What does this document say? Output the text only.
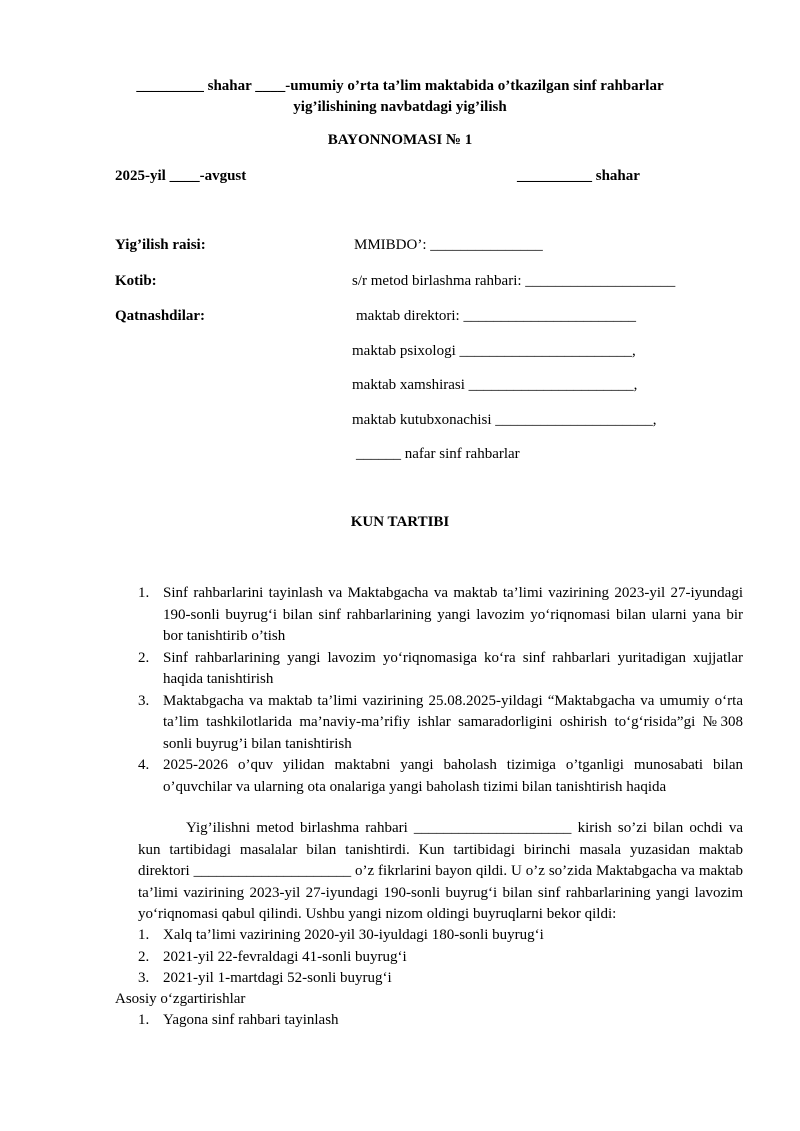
_________ shahar ____-umumiy o’rta ta’lim maktabida o’tkazilgan sinf rahbarlar
yig’ilishining navbatdagi yig’ilish
BAYONNOMASI № 1
2025-yil ____-avgust	__________ shahar
Yig’ilish raisi:	MMIBDO’: _______________
Kotib:	s/r metod birlashma rahbari: ____________________
Qatnashdilar:	maktab direktori: _______________________
maktab psixologi _______________________,
maktab xamshirasi ______________________,
maktab kutubxonachisi _____________________,
______ nafar sinf rahbarlar
KUN TARTIBI
1. Sinf rahbarlarini tayinlash va Maktabgacha va maktab ta’limi vazirining 2023-yil 27-iyundagi 190-sonli buyrug‘i bilan sinf rahbarlarining yangi lavozim yo‘riqnomasi bilan ularni yana bir bor tanishtirib o’tish
2. Sinf rahbarlarining yangi lavozim yo‘riqnomasiga ko‘ra sinf rahbarlari yuritadigan xujjatlar haqida tanishtirish
3. Maktabgacha va maktab ta’limi vazirining 25.08.2025-yildagi “Maktabgacha va umumiy o‘rta ta’lim tashkilotlarida ma’naviy-ma’rifiy ishlar samaradorligini oshirish to‘g‘risida”gi №308 sonli buyrug’i bilan tanishtirish
4. 2025-2026 o’quv yilidan maktabni yangi baholash tizimiga o’tganligi munosabati bilan o’quvchilar va ularning ota onalariga yangi baholash tizimi bilan tanishtirish haqida

Yig’ilishni metod birlashma rahbari _____________________ kirish so’zi bilan ochdi va kun tartibidagi masalalar bilan tanishtirdi. Kun tartibidagi birinchi masala yuzasidan maktab direktori _____________________ o’z fikrlarini bayon qildi. U o’z so’zida Maktabgacha va maktab ta’limi vazirining 2023-yil 27-iyundagi 190-sonli buyrug‘i bilan sinf rahbarlarining yangi lavozim yo‘riqnomasi qabul qilindi. Ushbu yangi nizom oldingi buyruqlarni bekor qildi:

1. Xalq ta’limi vazirining 2020-yil 30-iyuldagi 180-sonli buyrug‘i
2. 2021-yil 22-fevraldagi 41-sonli buyrug‘i
3. 2021-yil 1-martdagi 52-sonli buyrug‘i
Asosiy o‘zgartirishlar
1. Yagona sinf rahbari tayinlash
